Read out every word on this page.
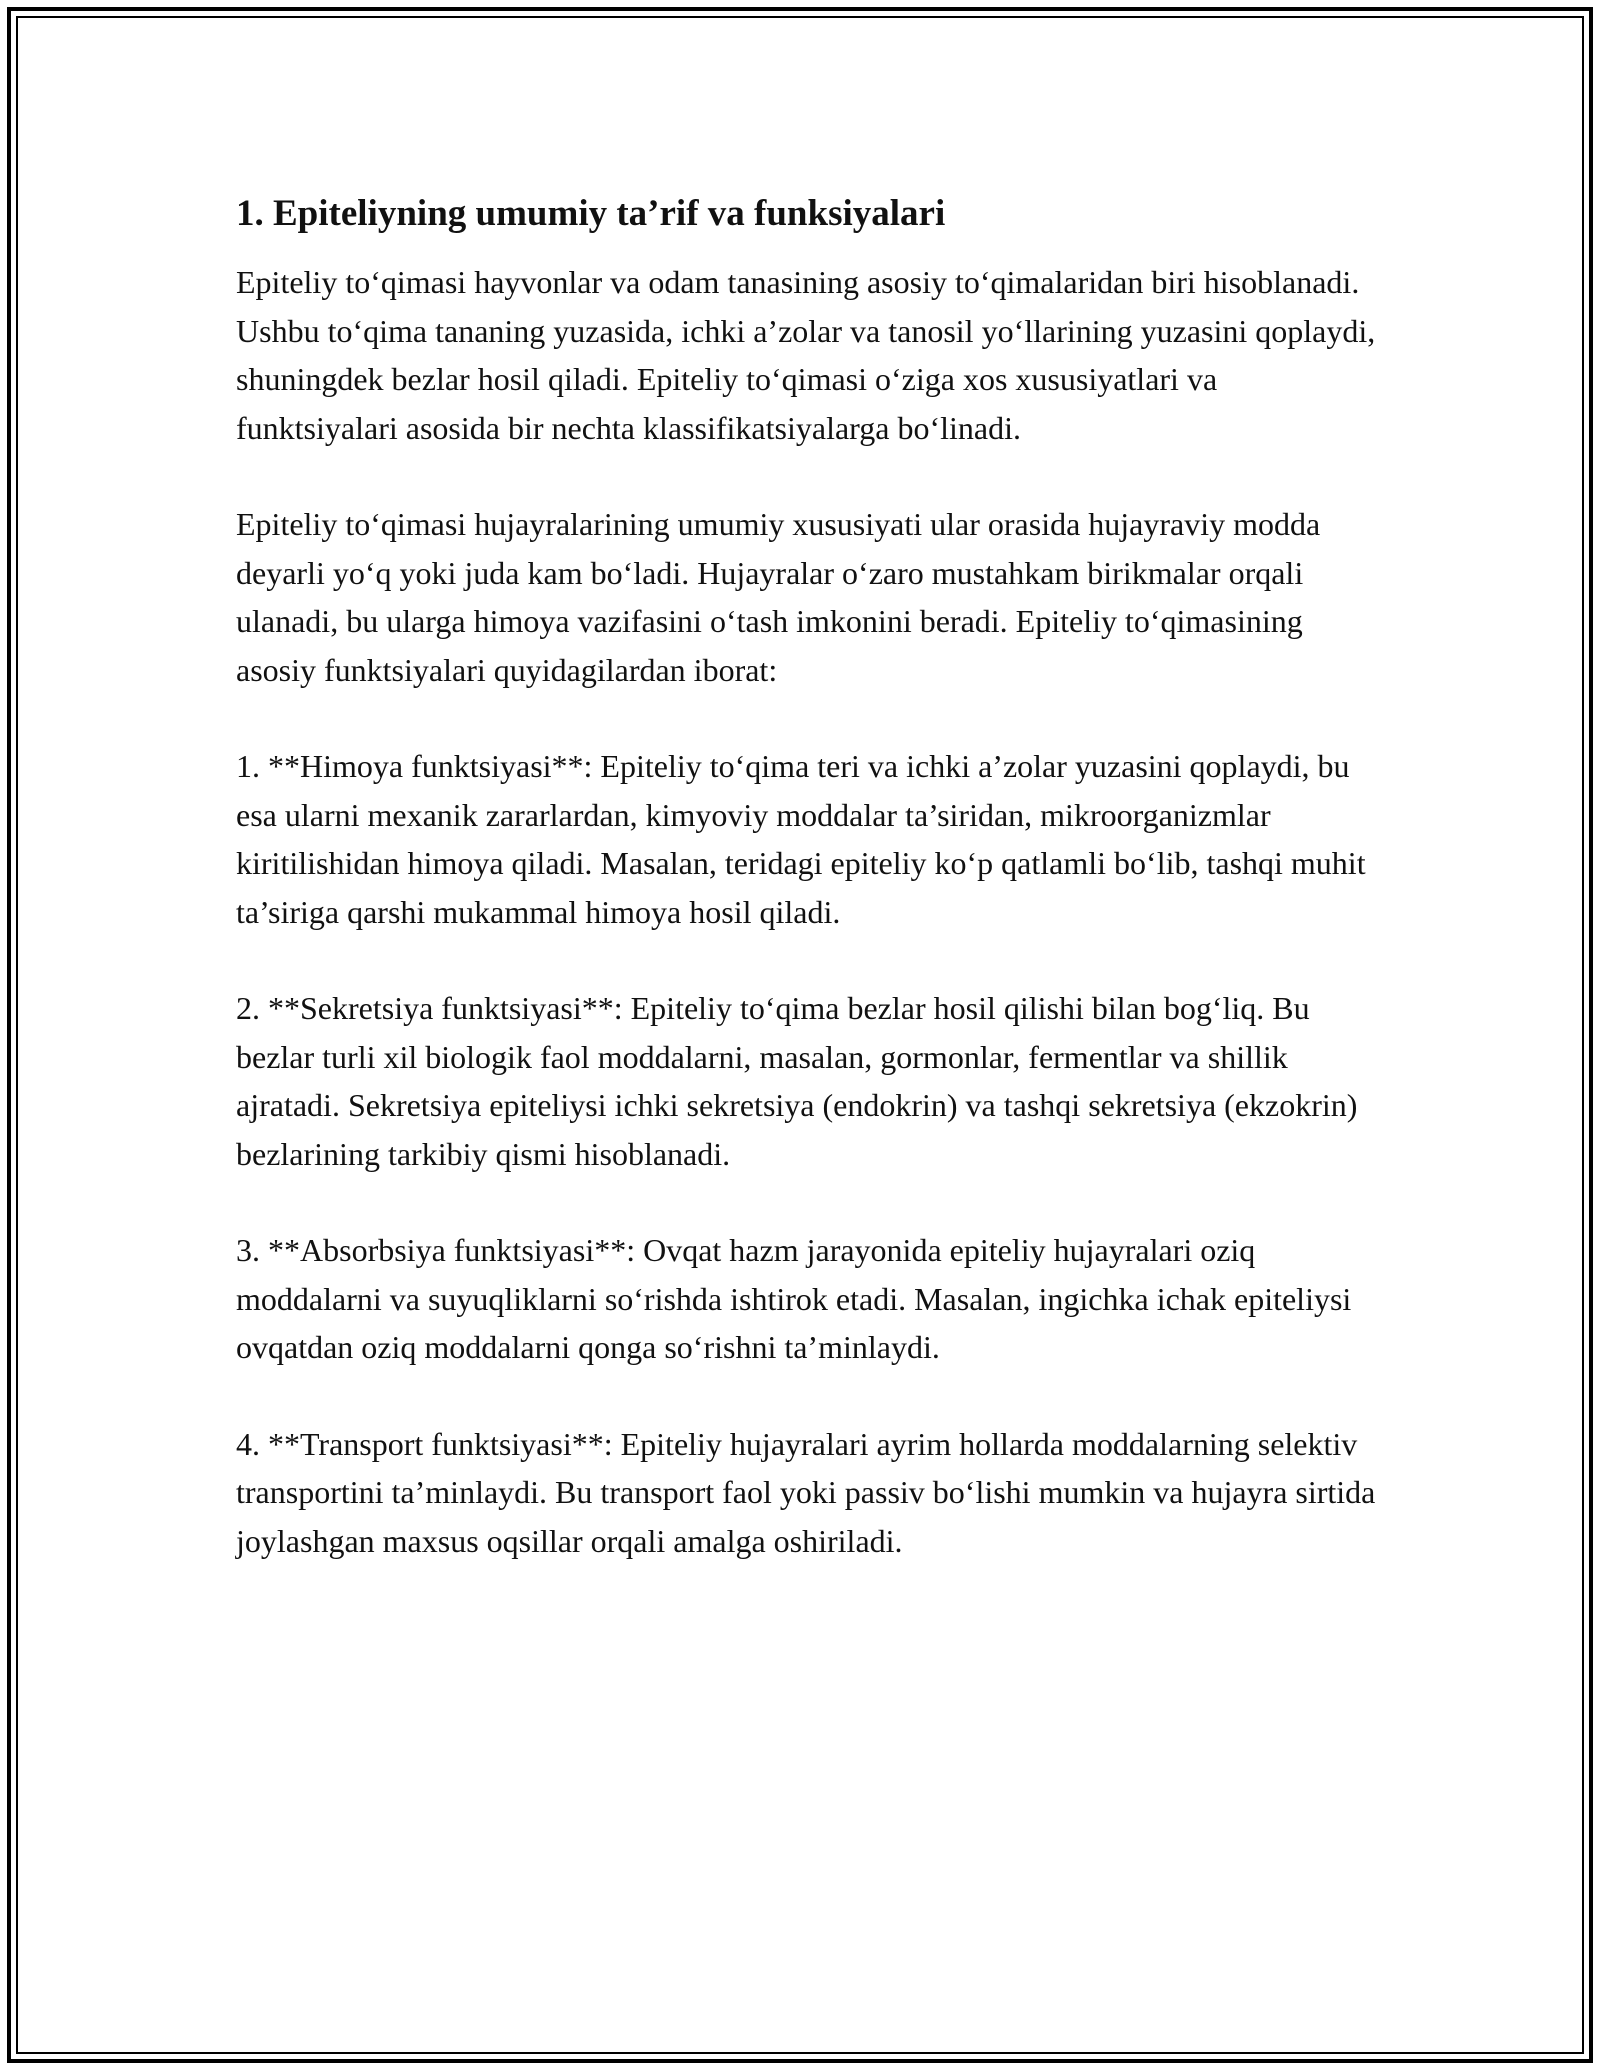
1. Epiteliyning umumiy ta’rif va funksiyalari

Epiteliy to‘qimasi hayvonlar va odam tanasining asosiy to‘qimalaridan biri hisoblanadi. Ushbu to‘qima tananing yuzasida, ichki a’zolar va tanosil yo‘llarining yuzasini qoplaydi, shuningdek bezlar hosil qiladi. Epiteliy to‘qimasi o‘ziga xos xususiyatlari va funktsiyalari asosida bir nechta klassifikatsiyalarga bo‘linadi.

Epiteliy to‘qimasi hujayralarining umumiy xususiyati ular orasida hujayraviy modda deyarli yo‘q yoki juda kam bo‘ladi. Hujayralar o‘zaro mustahkam birikmalar orqali ulanadi, bu ularga himoya vazifasini o‘tash imkonini beradi. Epiteliy to‘qimasining asosiy funktsiyalari quyidagilardan iborat:

1. **Himoya funktsiyasi**: Epiteliy to‘qima teri va ichki a’zolar yuzasini qoplaydi, bu esa ularni mexanik zararlardan, kimyoviy moddalar ta’siridan, mikroorganizmlar kiritilishidan himoya qiladi. Masalan, teridagi epiteliy ko‘p qatlamli bo‘lib, tashqi muhit ta’siriga qarshi mukammal himoya hosil qiladi.

2. **Sekretsiya funktsiyasi**: Epiteliy to‘qima bezlar hosil qilishi bilan bog‘liq. Bu bezlar turli xil biologik faol moddalarni, masalan, gormonlar, fermentlar va shillik ajratadi. Sekretsiya epiteliysi ichki sekretsiya (endokrin) va tashqi sekretsiya (ekzokrin) bezlarining tarkibiy qismi hisoblanadi.

3. **Absorbsiya funktsiyasi**: Ovqat hazm jarayonida epiteliy hujayralari oziq moddalarni va suyuqliklarni so‘rishda ishtirok etadi. Masalan, ingichka ichak epiteliysi ovqatdan oziq moddalarni qonga so‘rishni ta’minlaydi.

4. **Transport funktsiyasi**: Epiteliy hujayralari ayrim hollarda moddalarning selektiv transportini ta’minlaydi. Bu transport faol yoki passiv bo‘lishi mumkin va hujayra sirtida joylashgan maxsus oqsillar orqali amalga oshiriladi.
